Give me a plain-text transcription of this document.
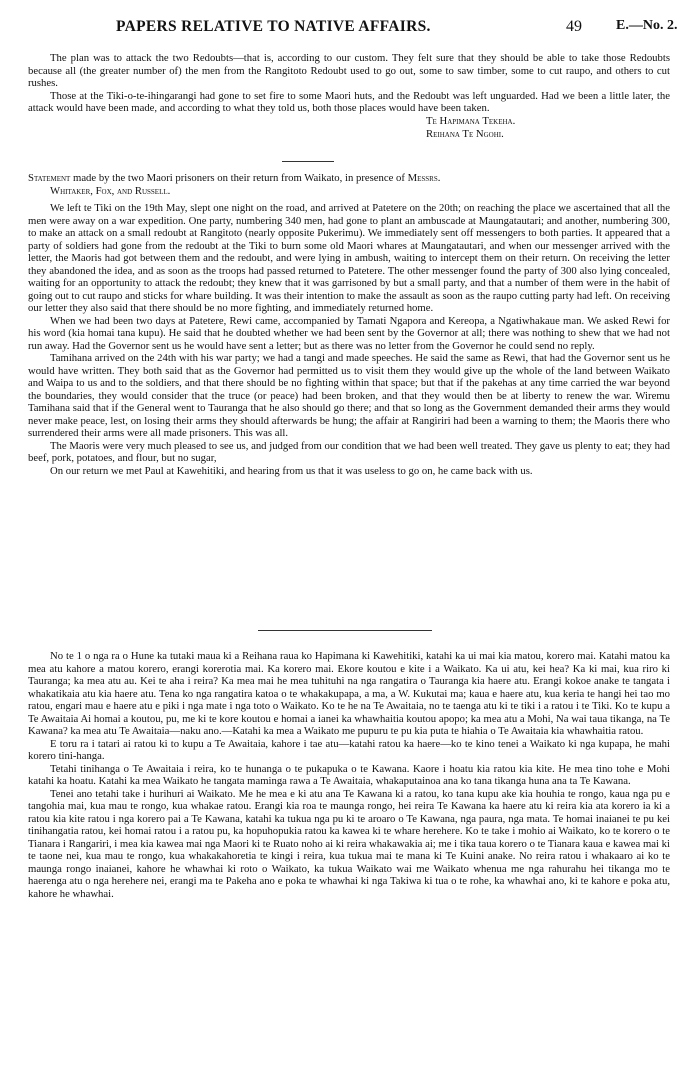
PAPERS RELATIVE TO NATIVE AFFAIRS.	49 E.—No. 2.

The plan was to attack the two Redoubts—that is, according to our custom. They felt sure that they should be able to take those Redoubts because all (the greater number of) the men from the Rangitoto Redoubt used to go out, some to saw timber, some to cut raupo, and others to cut rushes.

Those at the Tiki-o-te-ihingarangi had gone to set fire to some Maori huts, and the Redoubt was left unguarded. Had we been a little later, the attack would have been made, and according to what they told us, both those places would have been taken.

Te Hapimana Tekeha.

Reihana Te Ngohi.

Statement made by the two Maori prisoners on their return from Waikato, in presence of Messrs.

Whitaker, Fox, and Russell.

We left te Tiki on the 19th May, slept one night on the road, and arrived at Patetere on the 20th; on reaching the place we ascertained that all the men were away on a war expedition. One party, numbering 340 men, had gone to plant an ambuscade at Maungatautari; and another, numbering 300, to make an attack on a small redoubt at Rangitoto (nearly opposite Pukerimu). We immediately sent off messengers to both parties. It appeared that a party of soldiers had gone from the redoubt at the Tiki to burn some old Maori whares at Maungatautari, and when our messenger arrived with the letter, the Maoris had got between them and the redoubt, and were lying in ambush, waiting to intercept them on their return. On receiving the letter they abandoned the idea, and as soon as the troops had passed returned to Patetere. The other messenger found the party of 300 also lying concealed, waiting for an opportunity to attack the redoubt; they knew that it was garrisoned by but a small party, and that a number of them were in the habit of going out to cut raupo and sticks for whare building. It was their intention to make the assault as soon as the raupo cutting party had left. On receiving our letter they also said that there should be no more fighting, and immediately returned home.

When we had been two days at Patetere, Rewi came, accompanied by Tamati Ngapora and Kereopa, a Ngatiwhakaue man. We asked Rewi for his word (kia homai tana kupu). He said that he doubted whether we had been sent by the Governor at all; there was nothing to shew that we had not run away. Had the Governor sent us he would have sent a letter; but as there was no letter from the Governor he could send no reply.

Tamihana arrived on the 24th with his war party; we had a tangi and made speeches. He said the same as Rewi, that had the Governor sent us he would have written. They both said that as the Governor had permitted us to visit them they would give up the whole of the land between Waikato and Waipa to us and to the soldiers, and that there should be no fighting within that space; but that if the pakehas at any time carried the war beyond the boundaries, they would consider that the truce (or peace) had been broken, and that they would then be at liberty to renew the war. Wiremu Tamihana said that if the General went to Tauranga that he also should go there; and that so long as the Government demanded their arms they would never make peace, lest, on losing their arms they should afterwards be hung; the affair at Rangiriri had been a warning to them; the Maoris there who surrendered their arms were all made prisoners. This was all.

The Maoris were very much pleased to see us, and judged from our condition that we had been well treated. They gave us plenty to eat; they had beef, pork, potatoes, and flour, but no sugar,

On our return we met Paul at Kawehitiki, and hearing from us that it was useless to go on, he came back with us.

No te 1 o nga ra o Hune ka tutaki maua ki a Reihana raua ko Hapimana ki Kawehitiki, katahi ka ui mai kia matou, korero mai. Katahi matou ka mea atu kahore a matou korero, erangi korerotia mai. Ka korero mai. Ekore koutou e kite i a Waikato. Ka ui atu, kei hea? Ka ki mai, kua riro ki Tauranga; ka mea atu au. Kei te aha i reira? Ka mea mai he mea tuhituhi na nga rangatira o Tauranga kia haere atu. Erangi kokoe anake te tangata i whakatikaia atu kia haere atu. Tena ko nga rangatira katoa o te whakakupapa, a ma, a W. Kukutai ma; kaua e haere atu, kua keria te hangi hei tao mo ratou, engari mau e haere atu e piki i nga mate i nga toto o Waikato. Ko te he na Te Awaitaia, no te taenga atu ki te tiki i a ratou i te Tiki. Ko te kupu a Te Awaitaia Ai homai a koutou, pu, me ki te kore koutou e homai a ianei ka whawhaitia koutou apopo; ka mea atu a Mohi, Na wai taua tikanga, na Te Kawana? ka mea atu Te Awaitaia—naku ano.—Katahi ka mea a Waikato me pupuru te pu kia puta te hiahia o Te Awaitaia kia whawhaitia ratou.

E toru ra i tatari ai ratou ki to kupu a Te Awaitaia, kahore i tae atu—katahi ratou ka haere—ko te kino tenei a Waikato ki nga kupapa, he mahi korero tini-hanga.

Tetahi tinihanga o Te Awaitaia i reira, ko te hunanga o te pukapuka o te Kawana. Kaore i hoatu kia ratou kia kite. He mea tino tohe e Mohi katahi ka hoatu. Katahi ka mea Waikato he tangata maminga rawa a Te Awaitaia, whakaputainoa ana ko tana tikanga huna ana ta Te Kawana.

Tenei ano tetahi take i hurihuri ai Waikato. Me he mea e ki atu ana Te Kawana ki a ratou, ko tana kupu ake kia houhia te rongo, kaua nga pu e tangohia mai, kua mau te rongo, kua whakae ratou. Erangi kia roa te maunga rongo, hei reira Te Kawana ka haere atu ki reira kia ata korero ia ki a ratou kia kite ratou i nga korero pai a Te Kawana, katahi ka tukua nga pu ki te aroaro o Te Kawana, nga paura, nga mata. Te homai inaianei te pu kei tinihangatia ratou, kei homai ratou i a ratou pu, ka hopuhopukia ratou ka kawea ki te whare herehere. Ko te take i mohio ai Waikato, ko te korero o te Tianara i Rangariri, i mea kia kawea mai nga Maori ki te Ruato noho ai ki reira whakawakia ai; me i tika taua korero o te Tianara kaua e kawea mai ki te taone nei, kua mau te rongo, kua whakakahoretia te kingi i reira, kua tukua mai te mana ki Te Kuini anake. No reira ratou i whakaaro ai ko te maunga rongo inaianei, kahore he whawhai ki roto o Waikato, ka tukua Waikato wai me Waikato whenua me nga rahurahu hei tikanga mo te haerenga atu o nga herehere nei, erangi ma te Pakeha ano e poka te whawhai ki nga Takiwa ki tua o te rohe, ka whawhai ano, ki te kahore e poka atu, kahore he whawhai.
